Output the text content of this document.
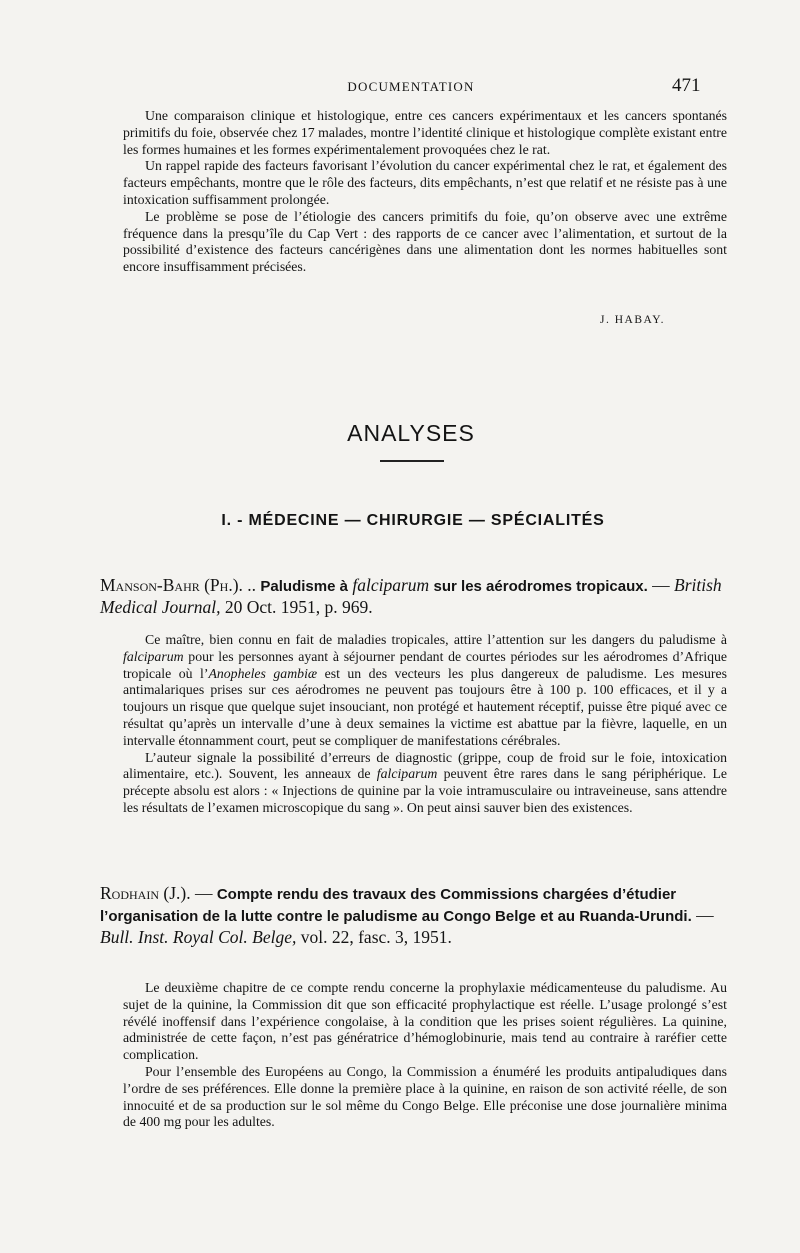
DOCUMENTATION	471

Une comparaison clinique et histologique, entre ces cancers expérimentaux et les cancers spontanés primitifs du foie, observée chez 17 malades, montre l’identité clinique et histologique complète existant entre les formes humaines et les formes expérimentalement provoquées chez le rat.

Un rappel rapide des facteurs favorisant l’évolution du cancer expérimental chez le rat, et également des facteurs empêchants, montre que le rôle des facteurs, dits empêchants, n’est que relatif et ne résiste pas à une intoxication suffisamment prolongée.

Le problème se pose de l’étiologie des cancers primitifs du foie, qu’on observe avec une extrême fréquence dans la presqu’île du Cap Vert : des rapports de ce cancer avec l’alimentation, et surtout de la possibilité d’existence des facteurs cancérigènes dans une alimentation dont les normes habituelles sont encore insuffisamment précisées.

J. HABAY.
ANALYSES
I. - MÉDECINE — CHIRURGIE — SPÉCIALITÉS
Manson-Bahr (Ph.). .. Paludisme à falciparum sur les aérodromes tropicaux. — British Medical Journal, 20 Oct. 1951, p. 969.

Ce maître, bien connu en fait de maladies tropicales, attire l’attention sur les dangers du paludisme à falciparum pour les personnes ayant à séjourner pendant de courtes périodes sur les aérodromes d’Afrique tropicale où l’Anopheles gambiæ est un des vecteurs les plus dangereux de paludisme. Les mesures antimalariques prises sur ces aérodromes ne peuvent pas toujours être à 100 p. 100 efficaces, et il y a toujours un risque que quelque sujet insouciant, non protégé et hautement réceptif, puisse être piqué avec ce résultat qu’après un intervalle d’une à deux semaines la victime est abattue par la fièvre, laquelle, en un intervalle étonnamment court, peut se compliquer de manifestations cérébrales.

L’auteur signale la possibilité d’erreurs de diagnostic (grippe, coup de froid sur le foie, intoxication alimentaire, etc.). Souvent, les anneaux de falciparum peuvent être rares dans le sang périphérique. Le précepte absolu est alors : « Injections de quinine par la voie intramusculaire ou intraveineuse, sans attendre les résultats de l’examen microscopique du sang ». On peut ainsi sauver bien des existences.

Rodhain (J.). — Compte rendu des travaux des Commissions chargées d’étudier l’organisation de la lutte contre le paludisme au Congo Belge et au Ruanda-Urundi. — Bull. Inst. Royal Col. Belge, vol. 22, fasc. 3, 1951.

Le deuxième chapitre de ce compte rendu concerne la prophylaxie médicamenteuse du paludisme. Au sujet de la quinine, la Commission dit que son efficacité prophylactique est réelle. L’usage prolongé s’est révélé inoffensif dans l’expérience congolaise, à la condition que les prises soient régulières. La quinine, administrée de cette façon, n’est pas génératrice d’hémoglobinurie, mais tend au contraire à raréfier cette complication.

Pour l’ensemble des Européens au Congo, la Commission a énuméré les produits antipaludiques dans l’ordre de ses préférences. Elle donne la première place à la quinine, en raison de son activité réelle, de son innocuité et de sa production sur le sol même du Congo Belge. Elle préconise une dose journalière minima de 400 mg pour les adultes.
